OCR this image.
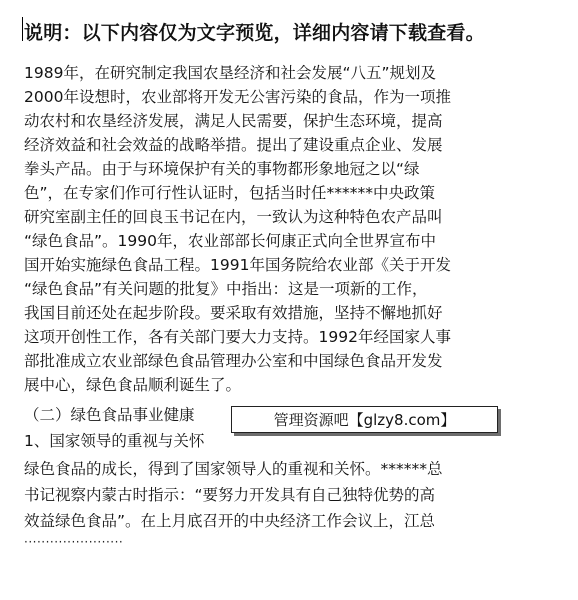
说明：以下内容仅为文字预览，详细内容请下载查看。
1989年，在研究制定我国农垦经济和社会发展“八五”规划及
2000年设想时，农业部将开发无公害污染的食品，作为一项推
动农村和农垦经济发展，满足人民需要，保护生态环境，提高
经济效益和社会效益的战略举措。提出了建设重点企业、发展
拳头产品。由于与环境保护有关的事物都形象地冠之以“绿
色”，在专家们作可行性认证时，包括当时任******中央政策
研究室副主任的回良玉书记在内，一致认为这种特色农产品叫
“绿色食品”。1990年，农业部部长何康正式向全世界宣布中
国开始实施绿色食品工程。1991年国务院给农业部《关于开发
“绿色食品”有关问题的批复》中指出：这是一项新的工作，
我国目前还处在起步阶段。要采取有效措施，坚持不懈地抓好
这项开创性工作，各有关部门要大力支持。1992年经国家人事
部批准成立农业部绿色食品管理办公室和中国绿色食品开发发
展中心，绿色食品顺利诞生了。
（二）绿色食品事业健康
1、国家领导的重视与关怀
绿色食品的成长，得到了国家领导人的重视和关怀。******总
书记视察内蒙古时指示：“要努力开发具有自己独特优势的高
效益绿色食品”。在上月底召开的中央经济工作会议上，江总
·······················
管理资源吧【glzy8.com】
